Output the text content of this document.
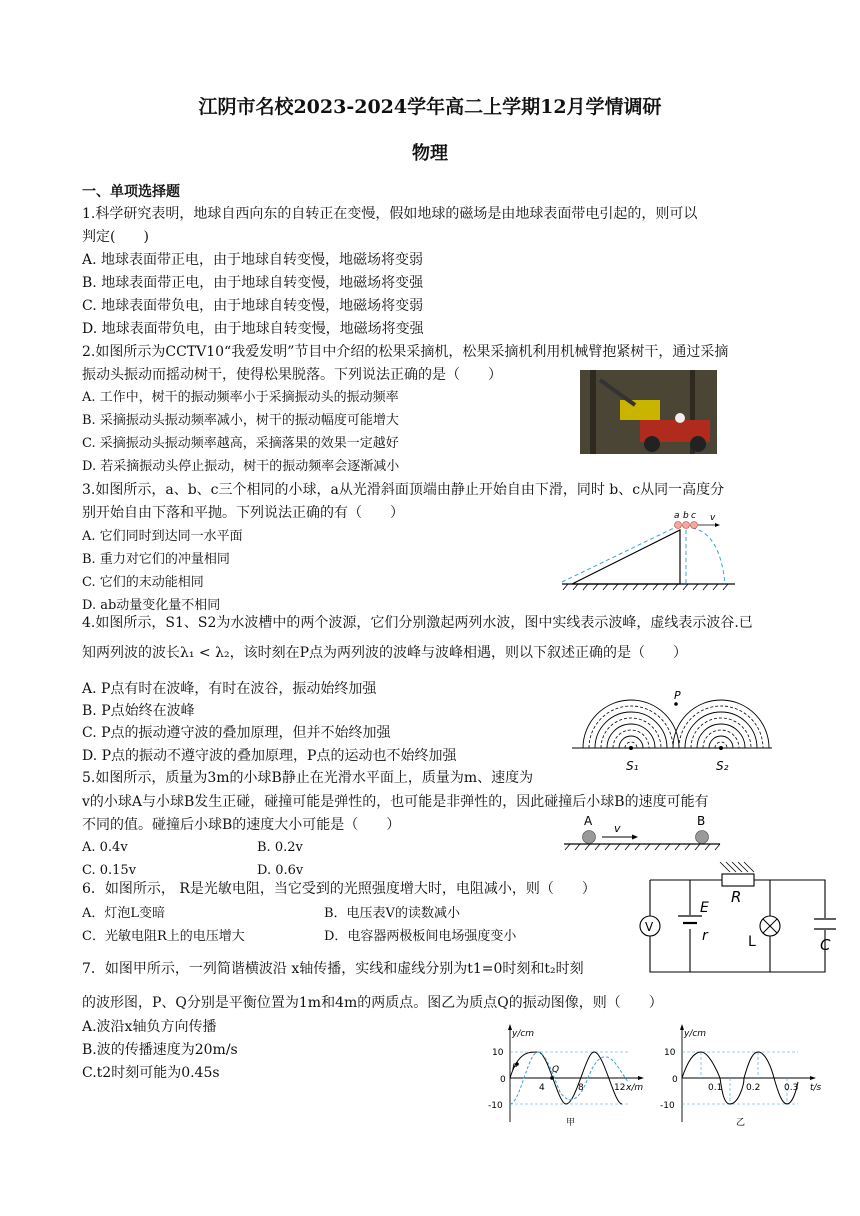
江阴市名校2023-2024学年高二上学期12月学情调研
物理
一、单项选择题
1.科学研究表明，地球自西向东的自转正在变慢，假如地球的磁场是由地球表面带电引起的，则可以
判定(　　)
A. 地球表面带正电，由于地球自转变慢，地磁场将变弱
B. 地球表面带正电，由于地球自转变慢，地磁场将变强
C. 地球表面带负电，由于地球自转变慢，地磁场将变弱
D. 地球表面带负电，由于地球自转变慢，地磁场将变强
2.如图所示为CCTV10“我爱发明”节目中介绍的松果采摘机，松果采摘机利用机械臂抱紧树干，通过采摘
振动头振动而摇动树干，使得松果脱落。下列说法正确的是（　　）
A. 工作中，树干的振动频率小于采摘振动头的振动频率
B. 采摘振动头振动频率减小，树干的振动幅度可能增大
C. 采摘振动头振动频率越高，采摘落果的效果一定越好
D. 若采摘振动头停止振动，树干的振动频率会逐渐减小
3.如图所示，a、b、c三个相同的小球，a从光滑斜面顶端由静止开始自由下滑，同时 b、c从同一高度分
别开始自由下落和平抛。下列说法正确的有（　　）
A. 它们同时到达同一水平面
B. 重力对它们的冲量相同
C. 它们的末动能相同
D. ab动量变化量不相同
a b c v
4.如图所示，S1、S2为水波槽中的两个波源，它们分别激起两列水波，图中实线表示波峰，虚线表示波谷.已
知两列波的波长λ₁ < λ₂，该时刻在P点为两列波的波峰与波峰相遇，则以下叙述正确的是（　　）
A. P点有时在波峰，有时在波谷，振动始终加强
B. P点始终在波峰
C. P点的振动遵守波的叠加原理，但并不始终加强
D. P点的振动不遵守波的叠加原理，P点的运动也不始终加强
P
S₁	S₂
5.如图所示，质量为3m的小球B静止在光滑水平面上，质量为m、速度为
v的小球A与小球B发生正碰，碰撞可能是弹性的，也可能是非弹性的，因此碰撞后小球B的速度可能有
不同的值。碰撞后小球B的速度大小可能是（　　）
A. 0.4v	B. 0.2v
C. 0.15v	D. 0.6v
A
v
B
6．如图所示， R是光敏电阻，当它受到的光照强度增大时，电阻减小，则（　　）
A．灯泡L变暗	B．电压表V的读数减小
C．光敏电阻R上的电压增大	D．电容器两极板间电场强度变小
R
E
r
V
L	C
7．如图甲所示，一列简谐横波沿 x轴传播，实线和虚线分别为t1=0时刻和t₂时刻
的波形图，P、Q分别是平衡位置为1m和4m的两质点。图乙为质点Q的振动图像，则（　　）
A.波沿x轴负方向传播
B.波的传播速度为20m/s
C.t2时刻可能为0.45s
y/cm
x/m
10
0
-10
4	8	12
P	Q
甲
y/cm
t/s
10
0
-10
0.1	0.2	0.3
乙
